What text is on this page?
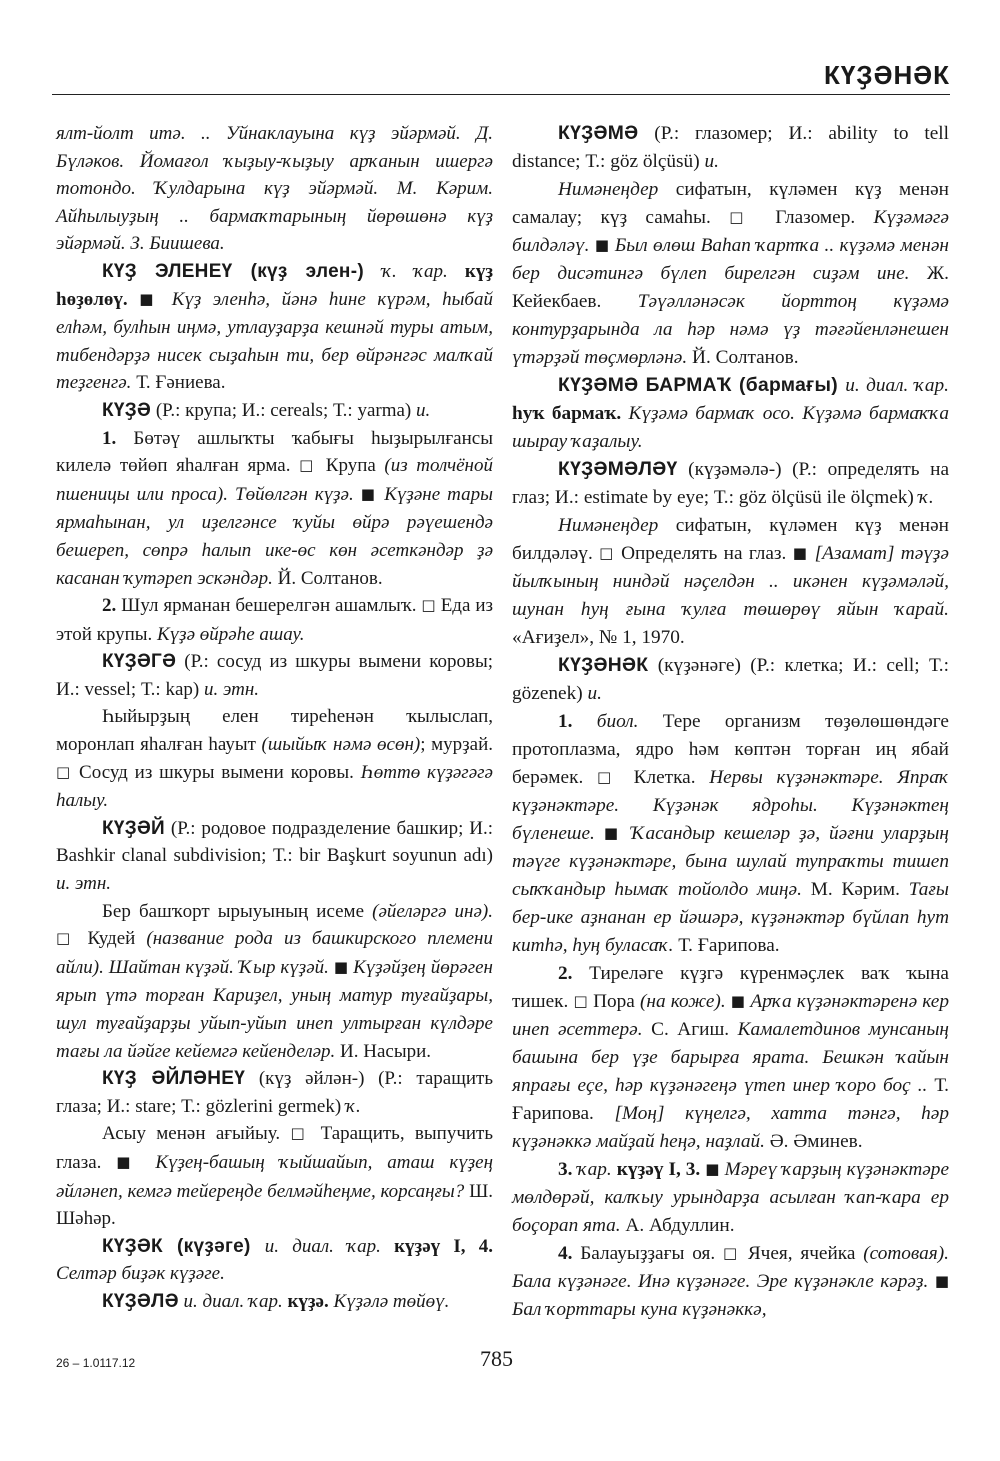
КҮҘӘНӘК

ялт-йолт итә. .. Уйнаклауына күҙ эйәрмәй. Д. Бүләков. Йомағол ҡыҙыу-ҡыҙыу арҡанын ишергә тотондо. Ҡулдарына күҙ эйәрмәй. М. Кәрим. Айһылыуҙың .. бармаҡтарының йөрөшөнә күҙ эйәрмәй. З. Биишева.

КҮҘ ЭЛЕНЕҮ (күҙ элен-) ҡ. ҡар. күҙ һөҙөлөү. ■ Күҙ эленһә, йәнә һине күрәм, һыбай елһәм, булһын иңмә, утлауҙарҙа кешнәй туры атым, тибендәрҙә нисек сыҙаһын ти, бер өйрәнгәс малҡай теҙгенгә. Т. Ғәниева.

КҮҘӘ (Р.: крупа; И.: cereals; Т.: yarma) и.

1. Бөтәү ашлыҡты ҡабығы һыҙырылғансы килелә төйөп яһалған ярма. □ Крупа (из толчёной пшеницы или проса). Төйөлгән күҙә. ■ Күҙәне тары ярмаһынан, ул иҙелгәнсе ҡуйы өйрә рәүешендә бешереп, сөпрә һалып ике-өс көн әсеткәндәр ҙә касанан ҡутәреп эскәндәр. Й. Солтанов.

2. Шул ярманан бешерелгән ашамлыҡ. □ Еда из этой крупы. Күҙә өйрәһе ашау.

КҮҘӘГӘ (Р.: сосуд из шкуры вымени коровы; И.: vessel; Т.: kap) и. этн.

Һыйырҙың елен тиреһенән ҡылыслап, моронлап яһалған һауыт (шыйыҡ нәмә өсөн); мурҙай. □ Сосуд из шкуры вымени коровы. Һөттө күҙәгәгә һалыу.

КҮҘӘЙ (Р.: родовое подразделение башкир; И.: Bashkir clanal subdivision; Т.: bir Başkurt soyunun adı) и. этн.

Бер башҡорт ырыуының исеме (әйеләргә инә). □ Кудей (название рода из башкирского племени айли). Шайтан күҙәй. Ҡыр күҙәй. ■ Күҙәйҙең йөрәген ярып үтә торған Кариҙел, уның матур туғайҙары, шул туғайҙарҙы уйып-уйып инеп ултырған күлдәре тағы ла йәйге кейемгә кейенделәр. И. Насыри.

КҮҘ ӘЙЛӘНЕҮ (күҙ әйлән-) (Р.: таращить глаза; И.: stare; Т.: gözlerini germek) ҡ.

Асыу менән ағыйыу. □ Таращить, выпучить глаза. ■ Күҙең-башың ҡыйшайып, аташ күҙең әйләнеп, кемгә тейереңде белмәйһеңме, корсаңғы? Ш. Шәһәр.

КҮҘӘК (күҙәге) и. диал. ҡар. күҙәү I, 4. Селтәр биҙәк күҙәге.

КҮҘӘЛӘ и. диал. ҡар. күҙә. Күҙәлә төйөү.

КҮҘӘМӘ (Р.: глазомер; И.: ability to tell distance; Т.: göz ölçüsü) и.

Нимәнеңдер сифатын, күләмен күҙ менән самалау; күҙ самаһы. □ Глазомер. Күҙәмәгә билдәләү. ■ Был өлөш Ваһап ҡартҡа .. күҙәмә менән бер дисәтингә бүлеп бирелгән сиҙәм ине. Ж. Кейекбаев. Тәүәлләнәсәк йорттоң күҙәмә контурҙарында ла һәр нәмә үҙ тәғәйенләнешен үтәрҙәй төҫмөрләнә. Й. Солтанов.

КҮҘӘМӘ БАРМАҠ (бармағы) и. диал. ҡар. һуҡ бармаҡ. Күҙәмә бармаҡ осо. Күҙәмә бармаҡҡа шырау ҡаҙалыу.

КҮҘӘМӘЛӘҮ (күҙәмәлә-) (Р.: определять на глаз; И.: estimate by eye; Т.: göz ölçüsü ile ölçmek) ҡ.

Нимәнеңдер сифатын, күләмен күҙ менән билдәләү. □ Определять на глаз. ■ [Азамат] тәүҙә йылҡының ниндәй нәҫелдән .. икәнен күҙәмәләй, шунан һуң ғына ҡулға төшөрөү яйын ҡарай. «Ағиҙел», № 1, 1970.

КҮҘӘНӘК (күҙәнәге) (Р.: клетка; И.: cell; Т.: gözenek) и.

1. биол. Тере организм төҙөлөшөндәге протоплазма, ядро һәм көптән торған иң ябай берәмек. □ Клетка. Нервы күҙәнәктәре. Япраҡ күҙәнәктәре. Күҙәнәк ядроһы. Күҙәнәктең бүленеше. ■ Ҡасандыр кешеләр ҙә, йәғни уларҙың тәүге күҙәнәктәре, бына шулай тупраҡты тишеп сыҡҡандыр һымаҡ тойолдо миңә. М. Кәрим. Тағы бер-ике аҙнанан ер йәшәрә, күҙәнәктәр бүйлап һут китһә, һуң буласаҡ. Т. Ғарипова.

2. Тиреләге күҙгә күренмәҫлек ваҡ ҡына тишек. □ Пора (на коже). ■ Арҡа күҙәнәктәренә кер инеп әсеттерә. С. Агиш. Камалетдинов мунсаның башына бер үҙе барырға ярата. Бешкән ҡайын япрағы еҫе, һәр күҙәнәгеңә үтеп инер ҡоро боҫ .. Т. Ғарипова. [Моң] күңелгә, хатта тәнгә, һәр күҙәнәккә майҙай һеңә, наҙлай. Ә. Әминев.

3. ҡар. күҙәү I, 3. ■ Мәреү ҡарҙың күҙәнәктәре мөлдөрәй, калҡыу урындарҙа асылған ҡап-ҡара ер боҫорап ята. А. Абдуллин.

4. Балауыҙҙағы оя. □ Ячея, ячейка (сотовая). Бала күҙәнәге. Инә күҙәнәге. Эре күҙәнәкле кәрәҙ. ■ Бал ҡорттары куна күҙәнәккә,

26 – 1.0117.12	785
